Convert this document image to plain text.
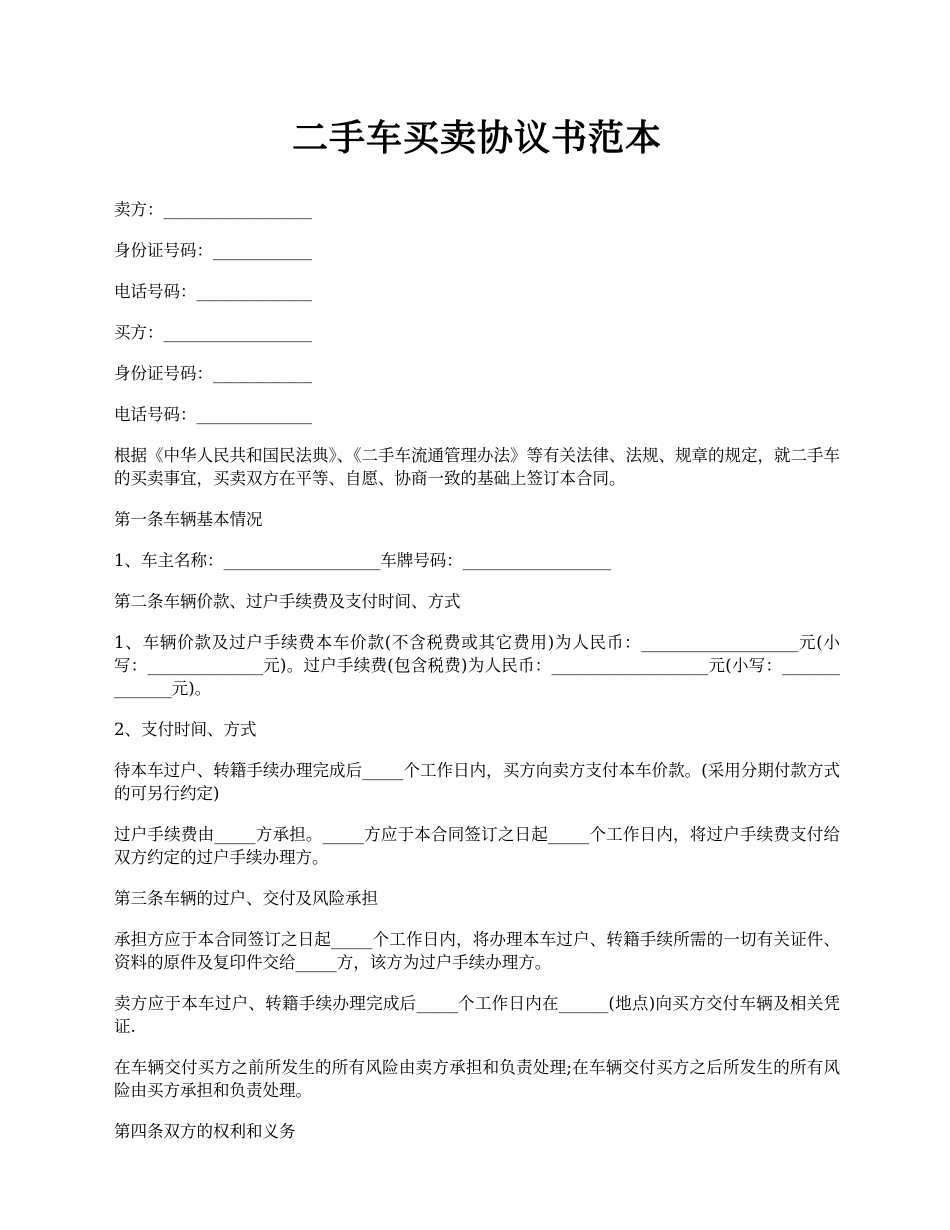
二手车买卖协议书范本

卖方：__________________

身份证号码：____________

电话号码：______________

买方：__________________

身份证号码：____________

电话号码：______________

根据《中华人民共和国民法典》、《二手车流通管理办法》等有关法律、法规、规章的规定，就二手车的买卖事宜，买卖双方在平等、自愿、协商一致的基础上签订本合同。

第一条车辆基本情况

1、车主名称：___________________车牌号码：__________________

第二条车辆价款、过户手续费及支付时间、方式

1、车辆价款及过户手续费本车价款(不含税费或其它费用)为人民币：___________________元(小写：______________元)。过户手续费(包含税费)为人民币：___________________元(小写：______________元)。

2、支付时间、方式

待本车过户、转籍手续办理完成后_____个工作日内，买方向卖方支付本车价款。(采用分期付款方式的可另行约定)

过户手续费由_____方承担。_____方应于本合同签订之日起_____个工作日内，将过户手续费支付给双方约定的过户手续办理方。

第三条车辆的过户、交付及风险承担

承担方应于本合同签订之日起_____个工作日内，将办理本车过户、转籍手续所需的一切有关证件、资料的原件及复印件交给_____方，该方为过户手续办理方。

卖方应于本车过户、转籍手续办理完成后_____个工作日内在______(地点)向买方交付车辆及相关凭证.

在车辆交付买方之前所发生的所有风险由卖方承担和负责处理;在车辆交付买方之后所发生的所有风险由买方承担和负责处理。

第四条双方的权利和义务
